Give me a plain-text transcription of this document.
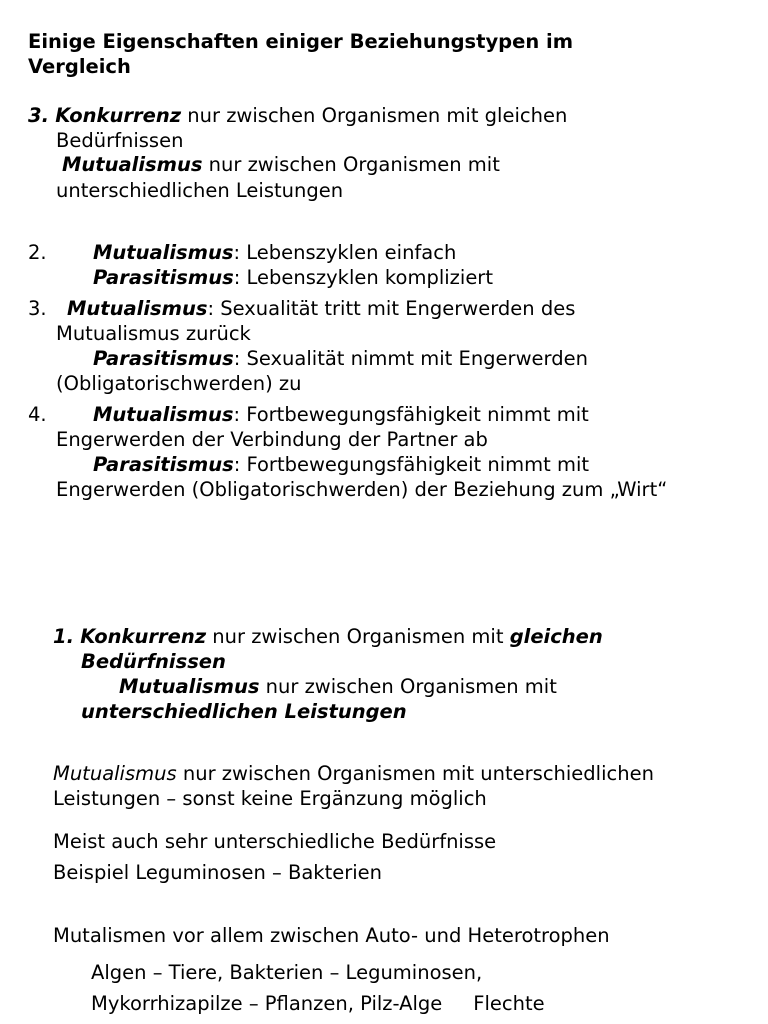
Einige Eigenschaften einiger Beziehungstypen im
Vergleich
3. Konkurrenz nur zwischen Organismen mit gleichen
Bedürfnissen
Mutualismus nur zwischen Organismen mit
unterschiedlichen Leistungen
2. Mutualismus: Lebenszyklen einfach
Parasitismus: Lebenszyklen kompliziert
3. Mutualismus: Sexualität tritt mit Engerwerden des
Mutualismus zurück
Parasitismus: Sexualität nimmt mit Engerwerden
(Obligatorischwerden) zu
4. Mutualismus: Fortbewegungsfähigkeit nimmt mit
Engerwerden der Verbindung der Partner ab
Parasitismus: Fortbewegungsfähigkeit nimmt mit
Engerwerden (Obligatorischwerden) der Beziehung zum „Wirt“
1. Konkurrenz nur zwischen Organismen mit gleichen
Bedürfnissen
Mutualismus nur zwischen Organismen mit
unterschiedlichen Leistungen
Mutualismus nur zwischen Organismen mit unterschiedlichen
Leistungen – sonst keine Ergänzung möglich
Meist auch sehr unterschiedliche Bedürfnisse
Beispiel Leguminosen – Bakterien
Mutalismen vor allem zwischen Auto- und Heterotrophen
Algen – Tiere, Bakterien – Leguminosen,
Mykorrhizapilze – Pflanzen, Pilz-Alge     Flechte
